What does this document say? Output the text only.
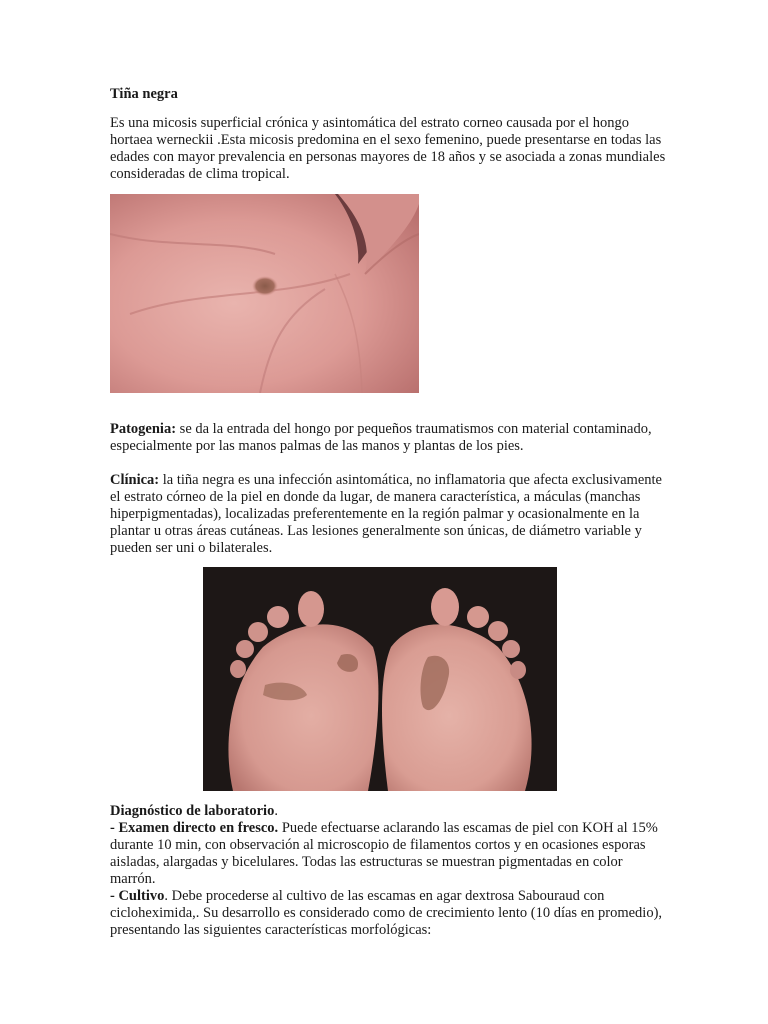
Tiña negra

Es una micosis superficial crónica y asintomática del estrato corneo causada por el hongo hortaea werneckii .Esta micosis predomina en el sexo femenino, puede presentarse en todas las edades con mayor prevalencia en personas mayores de 18 años y se asociada a zonas mundiales consideradas de clima tropical.

Patogenia: se da la entrada del hongo por pequeños traumatismos con material contaminado, especialmente por las manos palmas de las manos y plantas de los pies.

Clínica: la tiña negra es una infección asintomática, no inflamatoria que afecta exclusivamente el estrato córneo de la piel en donde da lugar, de manera característica, a máculas (manchas hiperpigmentadas), localizadas preferentemente en la región palmar y ocasionalmente en la plantar u otras áreas cutáneas. Las lesiones generalmente son únicas, de diámetro variable y pueden ser uni o bilaterales.

Diagnóstico de laboratorio.
- Examen directo en fresco. Puede efectuarse aclarando las escamas de piel con KOH al 15% durante 10 min, con observación al microscopio de filamentos cortos y en ocasiones esporas aisladas, alargadas y bicelulares. Todas las estructuras se muestran pigmentadas en color marrón.
- Cultivo. Debe procederse al cultivo de las escamas en agar dextrosa Sabouraud con cicloheximida,. Su desarrollo es considerado como de crecimiento lento (10 días en promedio), presentando las siguientes características morfológicas:
